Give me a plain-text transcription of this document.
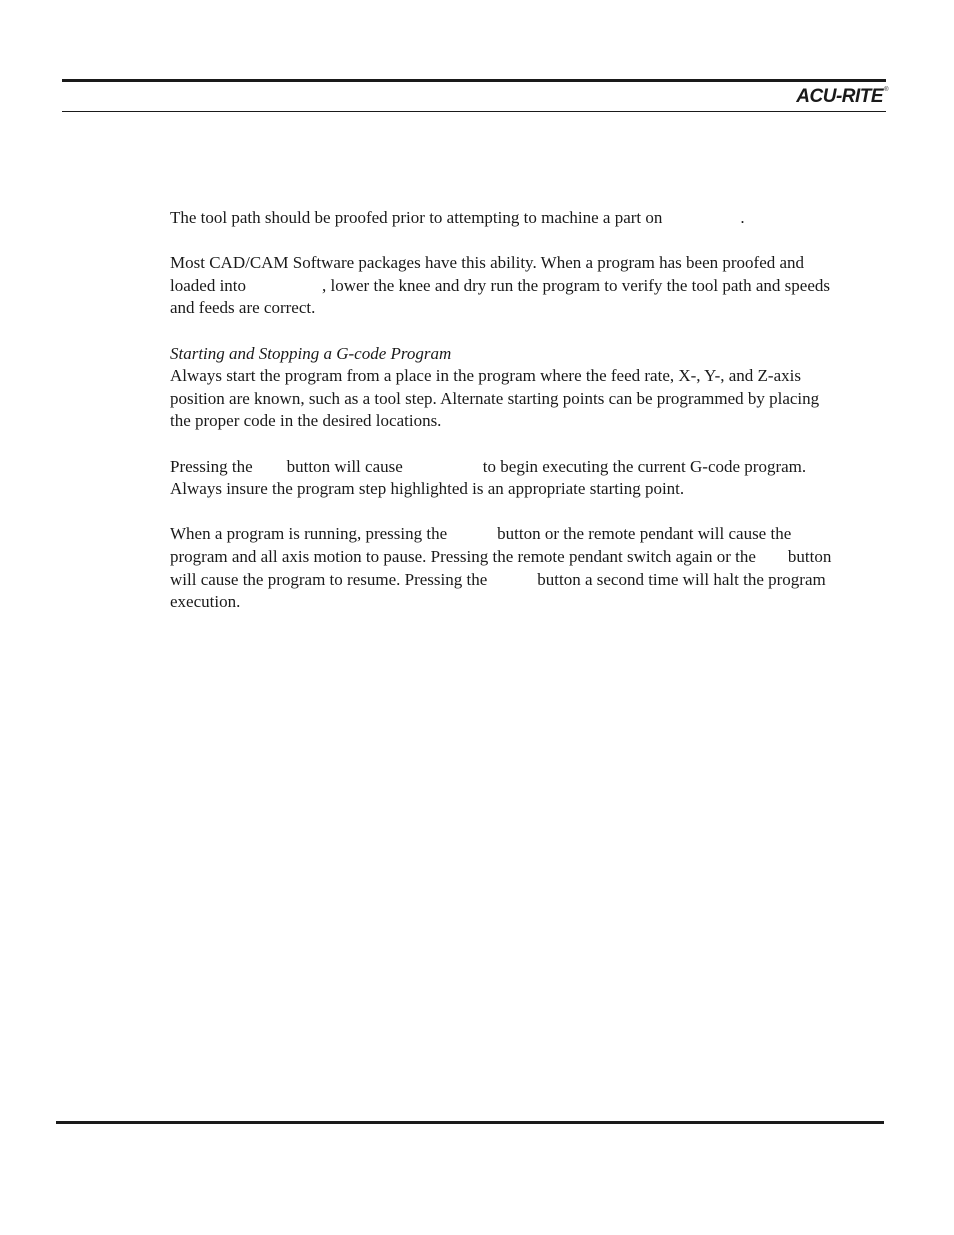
ACU-RITE®

The tool path should be proofed prior to attempting to machine a part on	.

Most CAD/CAM Software packages have this ability. When a program has been proofed and loaded into	, lower the knee and dry run the program to verify the tool path and speeds and feeds are correct.

Starting and Stopping a G-code Program
Always start the program from a place in the program where the feed rate, X-, Y-, and Z-axis position are known, such as a tool step. Alternate starting points can be programmed by placing the proper code in the desired locations.

Pressing the button will cause	to begin executing the current G-code program. Always insure the program step highlighted is an appropriate starting point.

When a program is running, pressing the	button or the remote pendant will cause the program and all axis motion to pause. Pressing the remote pendant switch again or the button will cause the program to resume. Pressing the	button a second time will halt the program execution.
